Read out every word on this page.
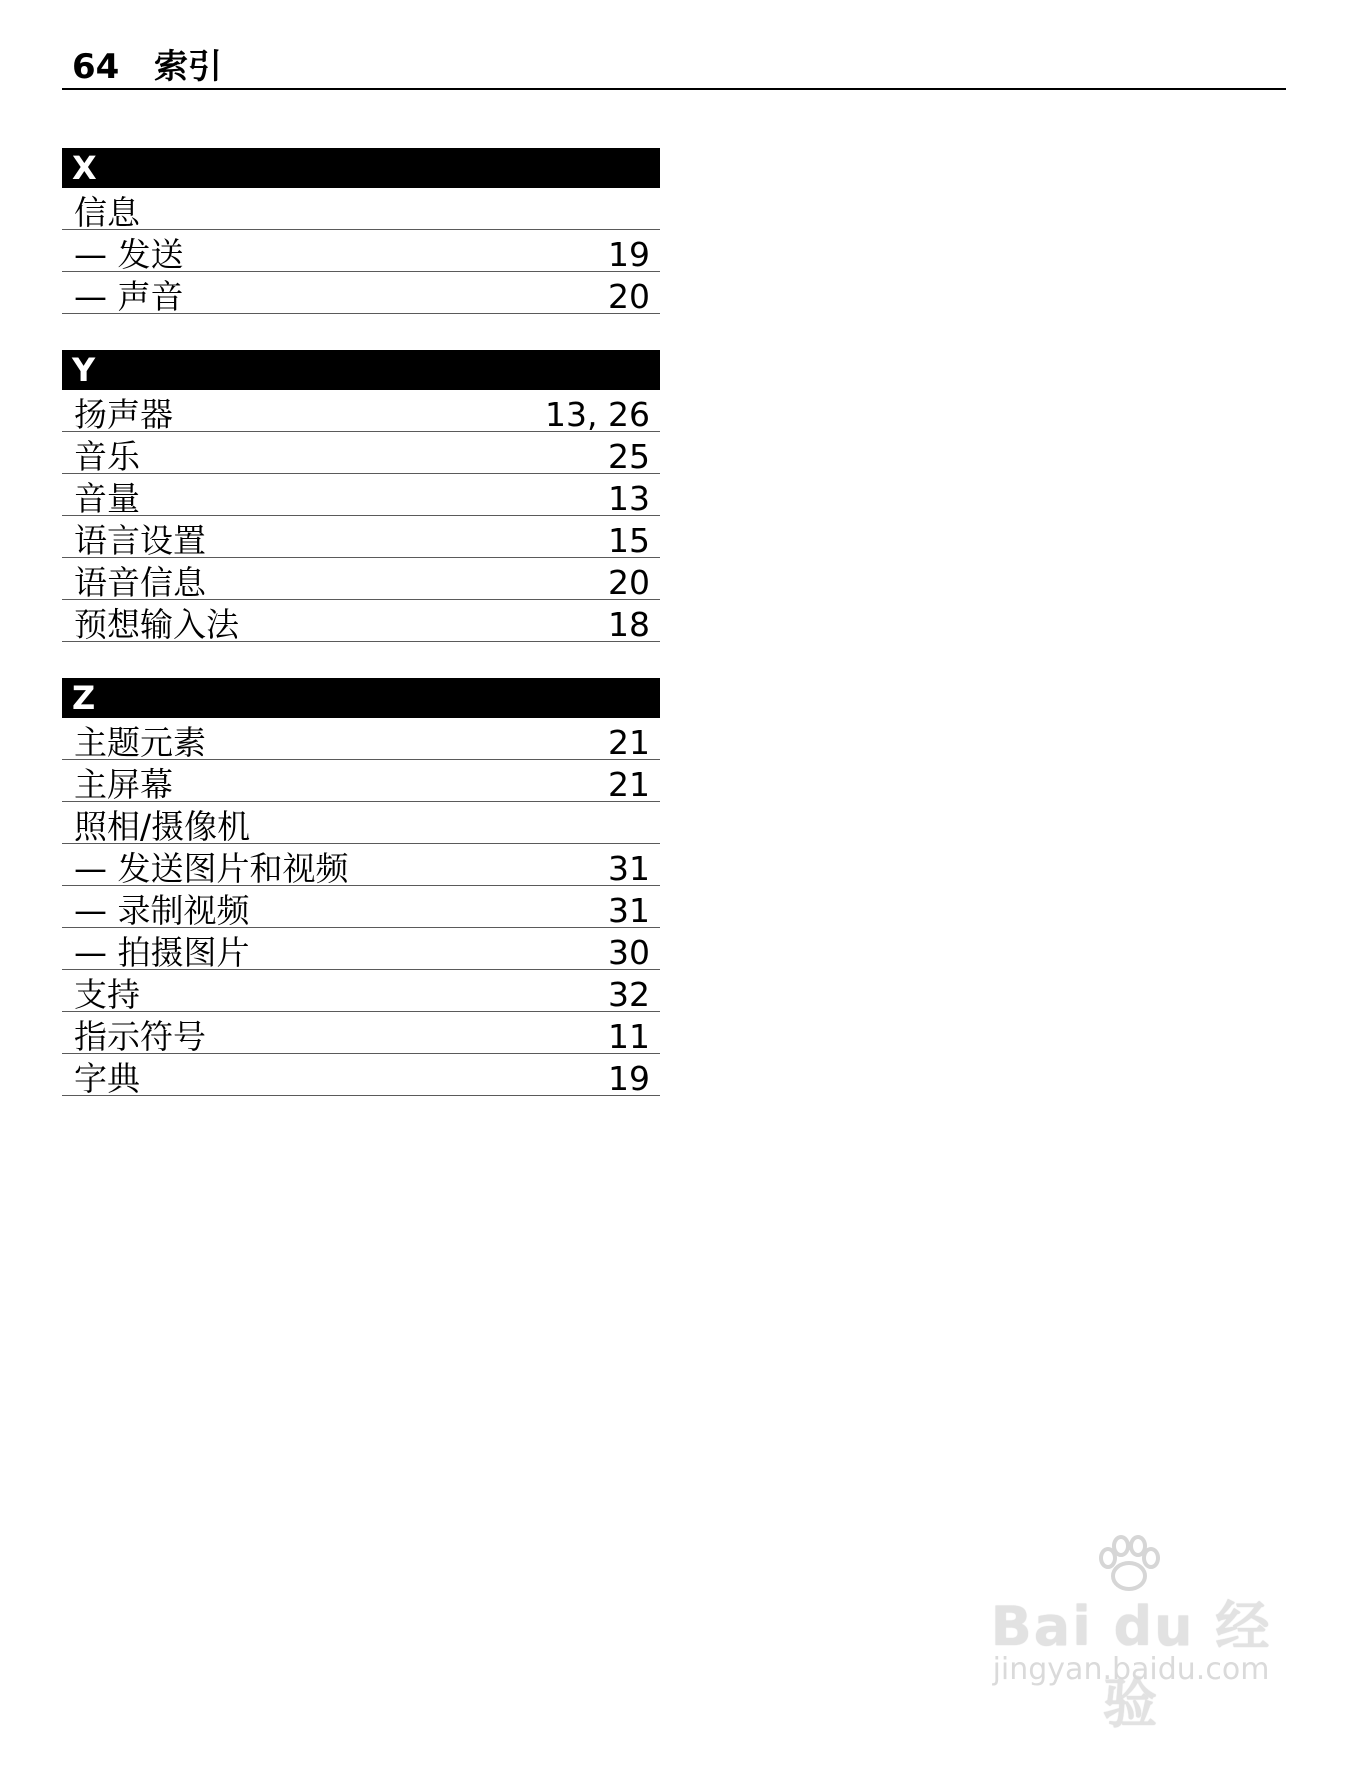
64 索引
X
信息
— 发送	19
— 声音	20
Y
扬声器	13, 26
音乐	25
音量	13
语言设置	15
语音信息	20
预想输入法	18
Z
主题元素	21
主屏幕	21
照相/摄像机
— 发送图片和视频	31
— 录制视频	31
— 拍摄图片	30
支持	32
指示符号	11
字典	19
Bai du 经验
jingyan.baidu.com
